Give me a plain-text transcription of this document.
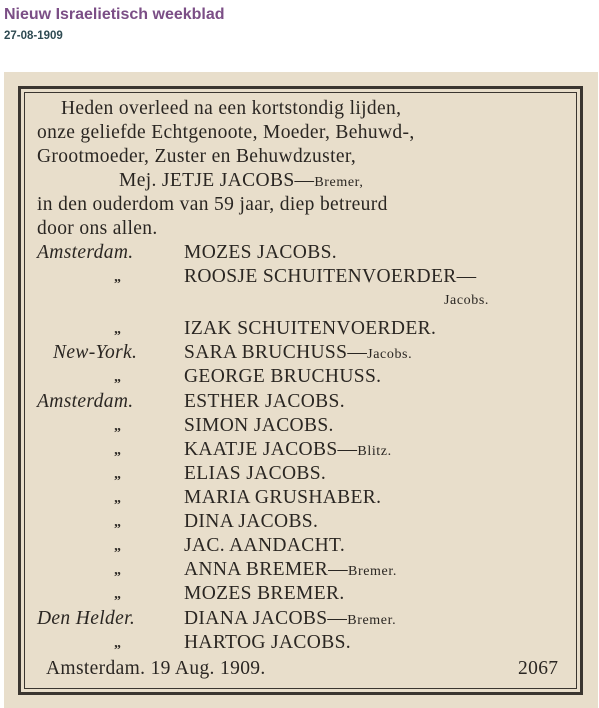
Nieuw Israelietisch weekblad
27-08-1909
Heden overleed na een kortstondig lijden,
onze geliefde Echtgenoote, Moeder, Behuwd-,
Grootmoeder, Zuster en Behuwdzuster,
Mej. JETJE JACOBS—Bremer,
in den ouderdom van 59 jaar, diep betreurd
door ons allen.
Amsterdam.	MOZES JACOBS.
„	ROOSJE SCHUITENVOERDER—
Jacobs.
„	IZAK SCHUITENVOERDER.
New-York. SARA BRUCHUSS—Jacobs.
„	GEORGE BRUCHUSS.
Amsterdam.	ESTHER JACOBS.
„	SIMON JACOBS.
„	KAATJE JACOBS—Blitz.
„	ELIAS JACOBS.
„	MARIA GRUSHABER.
„	DINA JACOBS.
„	JAC. AANDACHT.
„	ANNA BREMER—Bremer.
„	MOZES BREMER.
Den Helder.	DIANA JACOBS—Bremer.
„	HARTOG JACOBS.
Amsterdam. 19 Aug. 1909.	2067
